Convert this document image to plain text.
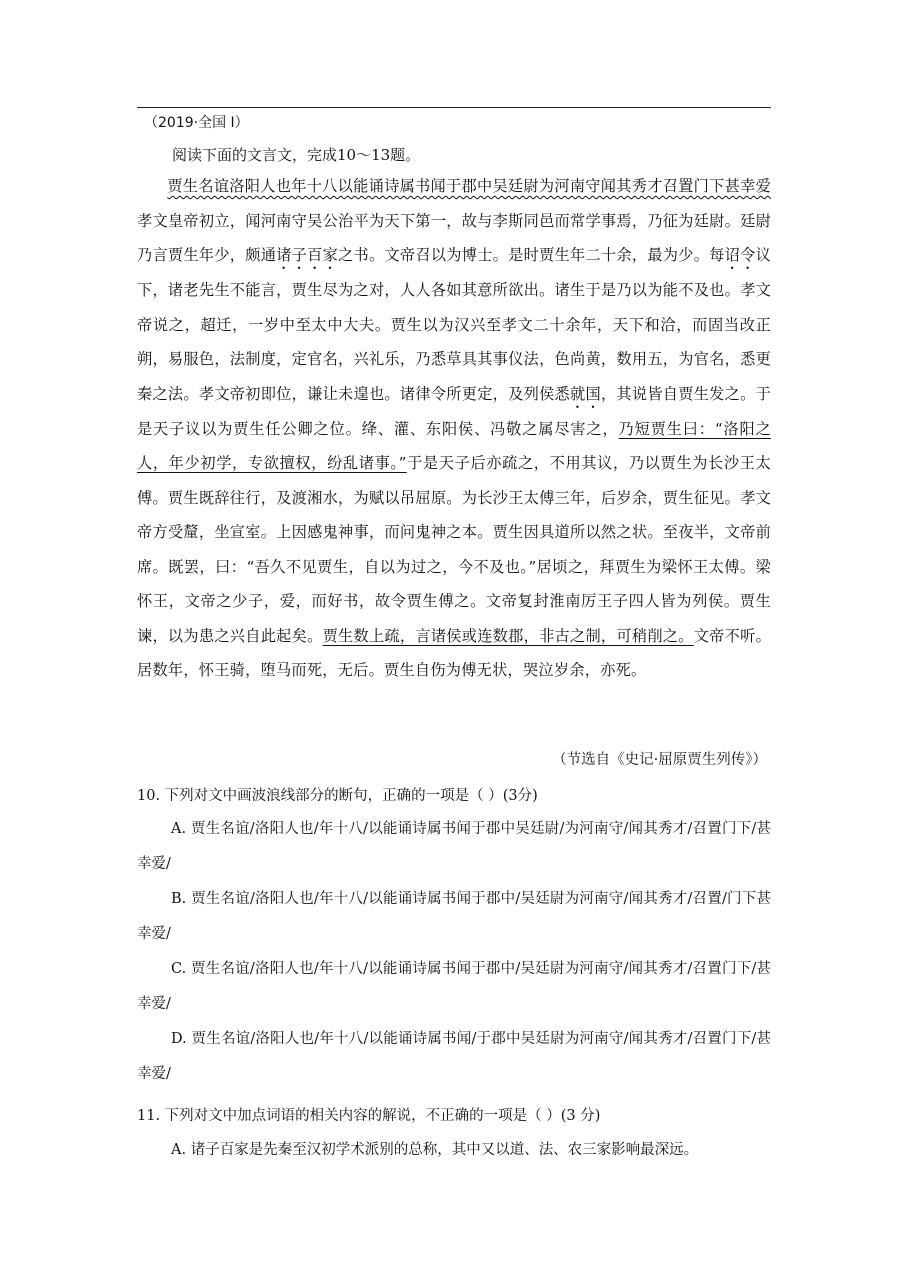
（2019·全国 I）
阅读下面的文言文，完成10～13题。

贾生名谊洛阳人也年十八以能诵诗属书闻于郡中吴廷尉为河南守闻其秀才召置门下甚幸爱孝文皇帝初立，闻河南守吴公治平为天下第一，故与李斯同邑而常学事焉，乃征为廷尉。廷尉乃言贾生年少，颇通诸子百家之书。文帝召以为博士。是时贾生年二十余，最为少。每诏令议下，诸老先生不能言，贾生尽为之对，人人各如其意所欲出。诸生于是乃以为能不及也。孝文帝说之，超迁，一岁中至太中大夫。贾生以为汉兴至孝文二十余年，天下和洽，而固当改正朔，易服色，法制度，定官名，兴礼乐，乃悉草具其事仪法，色尚黄，数用五，为官名，悉更秦之法。孝文帝初即位，谦让未遑也。诸律令所更定，及列侯悉就国，其说皆自贾生发之。于是天子议以为贾生任公卿之位。绛、灌、东阳侯、冯敬之属尽害之，乃短贾生曰：“洛阳之人，年少初学，专欲擅权，纷乱诸事。”于是天子后亦疏之，不用其议，乃以贾生为长沙王太傅。贾生既辞往行，及渡湘水，为赋以吊屈原。为长沙王太傅三年，后岁余，贾生征见。孝文帝方受釐，坐宣室。上因感鬼神事，而问鬼神之本。贾生因具道所以然之状。至夜半，文帝前席。既罢，曰：“吾久不见贾生，自以为过之，今不及也。”居顷之，拜贾生为梁怀王太傅。梁怀王，文帝之少子，爱，而好书，故令贾生傅之。文帝复封淮南厉王子四人皆为列侯。贾生谏，以为患之兴自此起矣。贾生数上疏，言诸侯或连数郡，非古之制，可稍削之。文帝不听。居数年，怀王骑，堕马而死，无后。贾生自伤为傅无状，哭泣岁余，亦死。

（节选自《史记·屈原贾生列传》）
10. 下列对文中画波浪线部分的断句，正确的一项是（ ）(3分)

A. 贾生名谊/洛阳人也/年十八/以能诵诗属书闻于郡中吴廷尉/为河南守/闻其秀才/召置门下/甚幸爱/

B. 贾生名谊/洛阳人也/年十八/以能诵诗属书闻于郡中/吴廷尉为河南守/闻其秀才/召置/门下甚幸爱/

C. 贾生名谊/洛阳人也/年十八/以能诵诗属书闻于郡中/吴廷尉为河南守/闻其秀才/召置门下/甚幸爱/

D. 贾生名谊/洛阳人也/年十八/以能诵诗属书闻/于郡中吴廷尉为河南守/闻其秀才/召置门下/甚幸爱/

11. 下列对文中加点词语的相关内容的解说，不正确的一项是（ ）(3 分)

A. 诸子百家是先秦至汉初学术派别的总称，其中又以道、法、农三家影响最深远。
